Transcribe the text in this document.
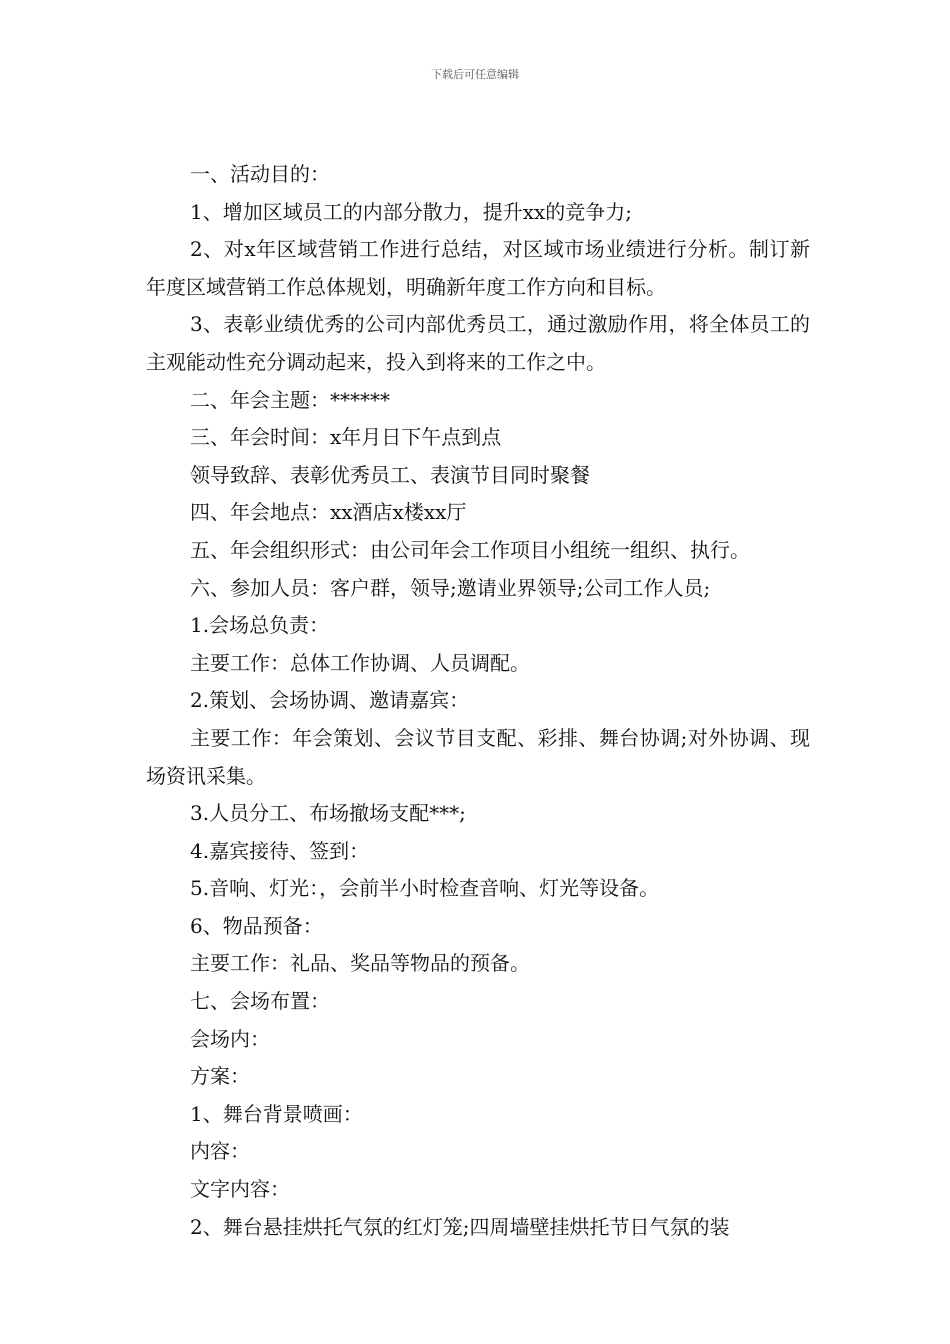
下载后可任意编辑

一、活动目的：

1、增加区域员工的内部分散力，提升xx的竞争力;

2、对x年区域营销工作进行总结，对区域市场业绩进行分析。制订新年度区域营销工作总体规划，明确新年度工作方向和目标。

3、表彰业绩优秀的公司内部优秀员工，通过激励作用，将全体员工的主观能动性充分调动起来，投入到将来的工作之中。

二、年会主题：******

三、年会时间：x年月日下午点到点

领导致辞、表彰优秀员工、表演节目同时聚餐

四、年会地点：xx酒店x楼xx厅

五、年会组织形式：由公司年会工作项目小组统一组织、执行。

六、参加人员：客户群，领导;邀请业界领导;公司工作人员;

1.会场总负责：

主要工作：总体工作协调、人员调配。

2.策划、会场协调、邀请嘉宾：

主要工作：年会策划、会议节目支配、彩排、舞台协调;对外协调、现场资讯采集。

3.人员分工、布场撤场支配***;

4.嘉宾接待、签到：

5.音响、灯光：，会前半小时检查音响、灯光等设备。

6、物品预备：

主要工作：礼品、奖品等物品的预备。

七、会场布置：

会场内：

方案：

1、舞台背景喷画：

内容：

文字内容：

2、舞台悬挂烘托气氛的红灯笼;四周墙壁挂烘托节日气氛的装
